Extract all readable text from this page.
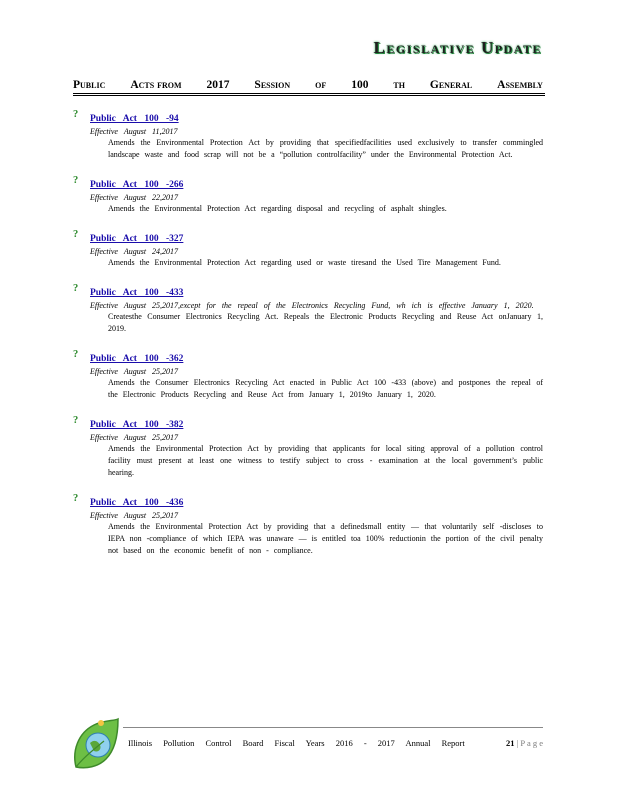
Legislative Update
Public Acts from 2017 Session of 100 th General Assembly
? Public Act 100 -94
Effective August 11,2017
Amends the Environmental Protection Act by providing that specifiedfacilities used exclusively to transfer commingled landscape waste and food scrap will not be a “pollution controlfacility” under the Environmental Protection Act.
? Public Act 100 -266
Effective August 22,2017
Amends the Environmental Protection Act regarding disposal and recycling of asphalt shingles.
? Public Act 100 -327
Effective August 24,2017
Amends the Environmental Protection Act regarding used or waste tiresand the Used Tire Management Fund.
? Public Act 100 -433
Effective August 25,2017,except for the repeal of the Electronics Recycling Fund, wh ich is effective January 1, 2020.
Createsthe Consumer Electronics Recycling Act. Repeals the Electronic Products Recycling and Reuse Act onJanuary 1, 2019.
? Public Act 100 -362
Effective August 25,2017
Amends the Consumer Electronics Recycling Act enacted in Public Act 100 -433 (above) and postpones the repeal of the Electronic Products Recycling and Reuse Act from January 1, 2019to January 1, 2020.
? Public Act 100 -382
Effective August 25,2017
Amends the Environmental Protection Act by providing that applicants for local siting approval of a pollution control facility must present at least one witness to testify subject to cross - examination at the local government’s public hearing.
? Public Act 100 -436
Effective August 25,2017
Amends the Environmental Protection Act by providing that a definedsmall entity — that voluntarily self -discloses to IEPA non -compliance of which IEPA was unaware — is entitled toa 100% reductionin the portion of the civil penalty not based on the economic benefit of non - compliance.
Illinois Pollution Control Board Fiscal Years 2016 - 2017 Annual Report	21 | P a g e
